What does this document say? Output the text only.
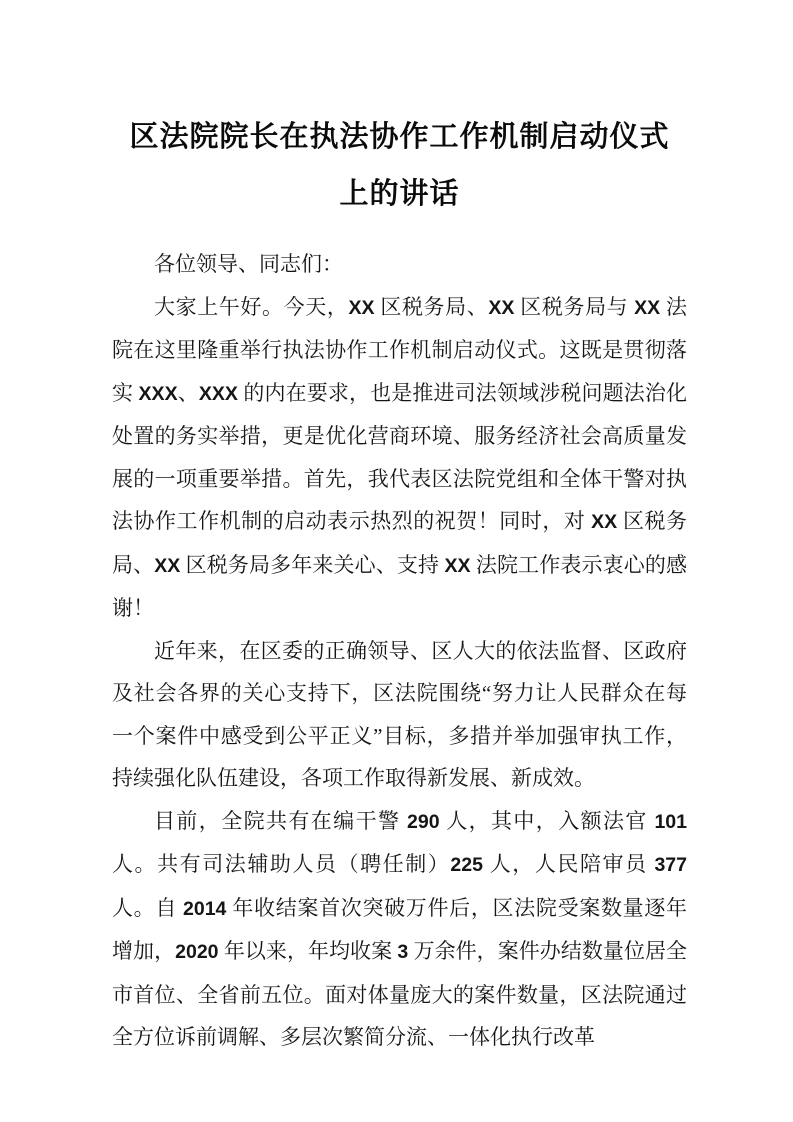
区法院院长在执法协作工作机制启动仪式上的讲话

各位领导、同志们：

大家上午好。今天，XX 区税务局、XX 区税务局与 XX 法院在这里隆重举行执法协作工作机制启动仪式。这既是贯彻落实 XXX、XXX 的内在要求，也是推进司法领域涉税问题法治化处置的务实举措，更是优化营商环境、服务经济社会高质量发展的一项重要举措。首先，我代表区法院党组和全体干警对执法协作工作机制的启动表示热烈的祝贺！同时，对 XX 区税务局、XX 区税务局多年来关心、支持 XX 法院工作表示衷心的感谢！

近年来，在区委的正确领导、区人大的依法监督、区政府及社会各界的关心支持下，区法院围绕“努力让人民群众在每一个案件中感受到公平正义”目标，多措并举加强审执工作，持续强化队伍建设，各项工作取得新发展、新成效。

目前，全院共有在编干警 290 人，其中，入额法官 101 人。共有司法辅助人员（聘任制）225 人，人民陪审员 377 人。自 2014 年收结案首次突破万件后，区法院受案数量逐年增加，2020 年以来，年均收案 3 万余件，案件办结数量位居全市首位、全省前五位。面对体量庞大的案件数量，区法院通过全方位诉前调解、多层次繁简分流、一体化执行改革
